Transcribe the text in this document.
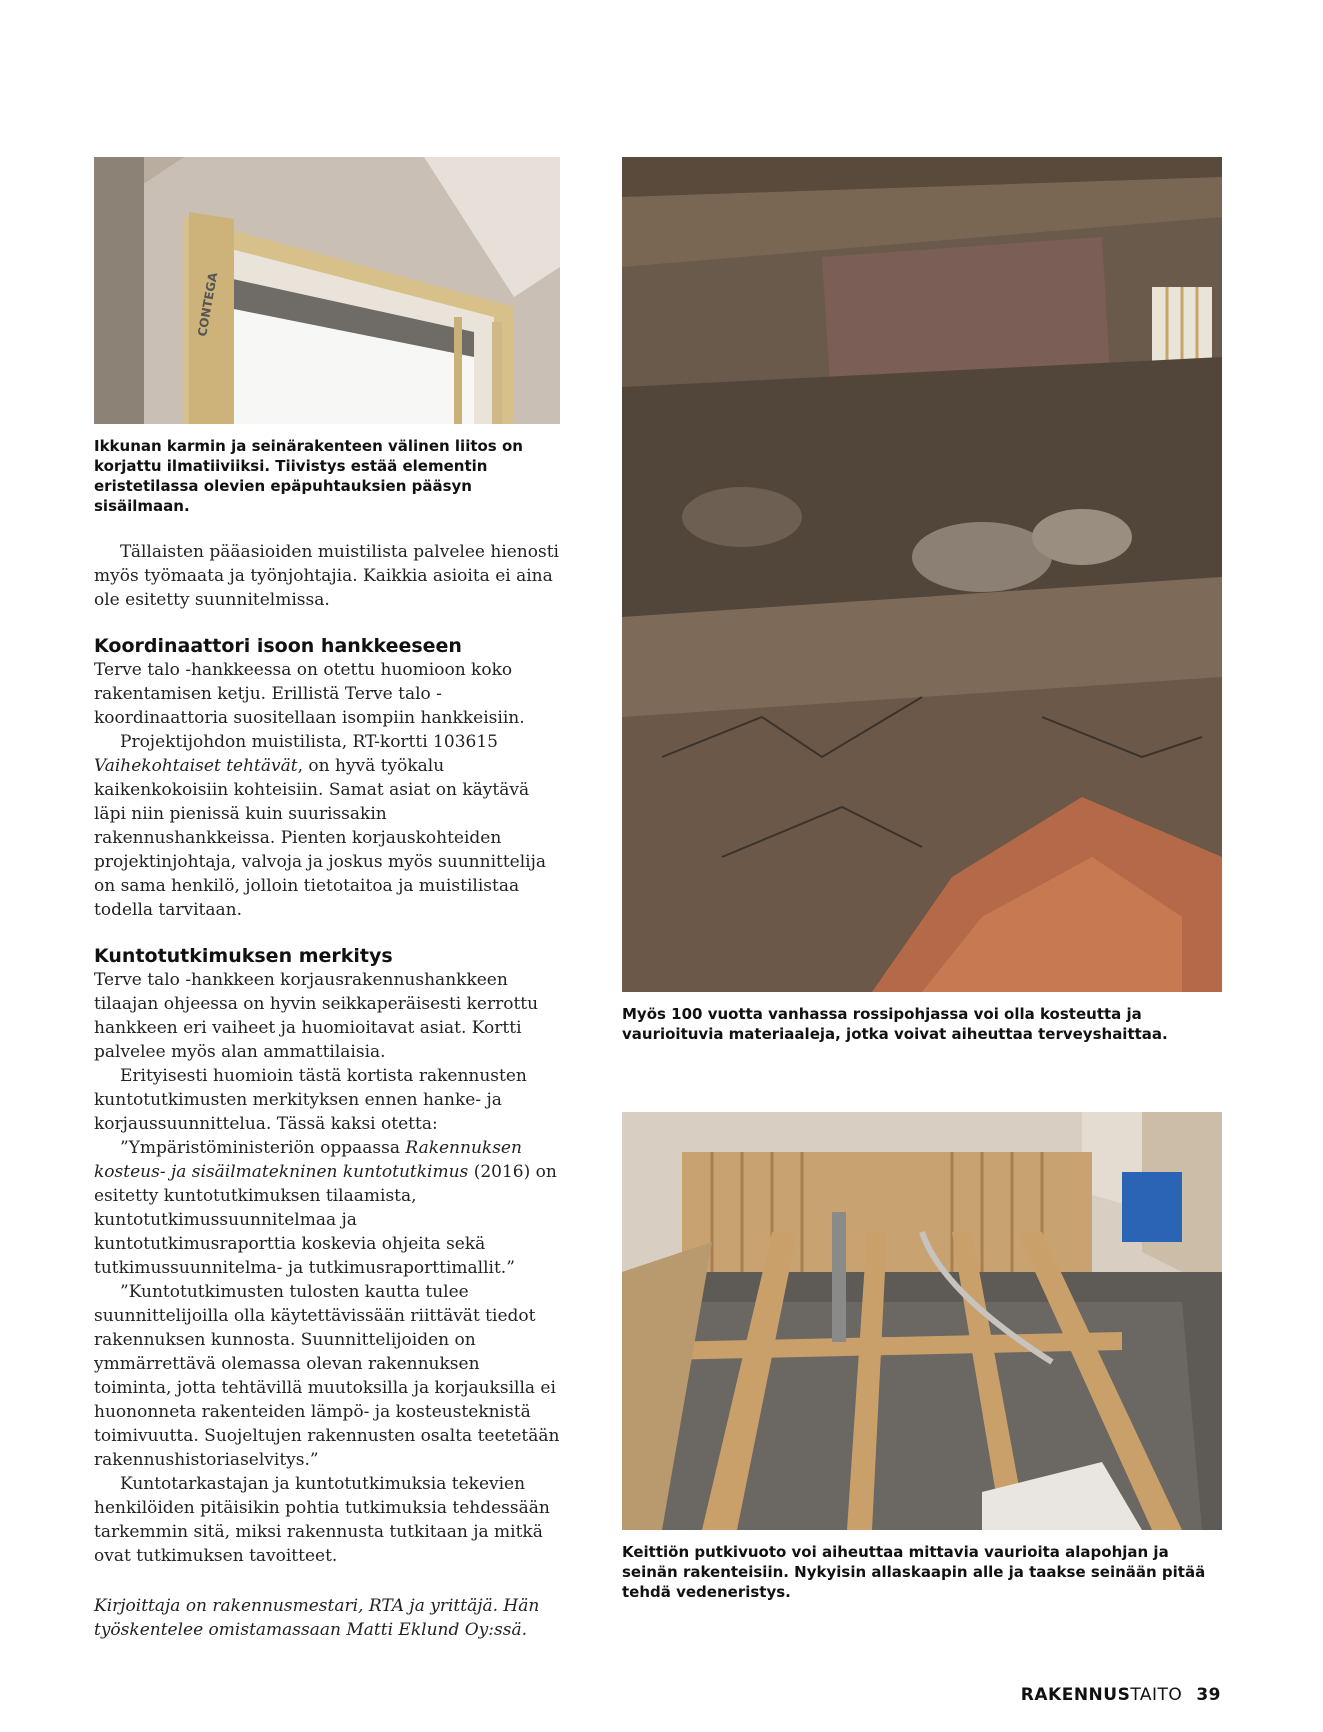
CONTEGA
Ikkunan karmin ja seinärakenteen välinen liitos on korjattu ilmatiiviiksi. Tiivistys estää elementin eristetilassa olevien epäpuhtauksien pääsyn sisäilmaan.
Myös 100 vuotta vanhassa rossipohjassa voi olla kosteutta ja vaurioituvia materiaaleja, jotka voivat aiheuttaa terveyshaittaa.
Keittiön putkivuoto voi aiheuttaa mittavia vaurioita alapohjan ja seinän rakenteisiin. Nykyisin allaskaapin alle ja taakse seinään pitää tehdä vedeneristys.

Tällaisten pääasioiden muistilista palvelee hienosti myös työmaata ja työnjohtajia. Kaikkia asioita ei aina ole esitetty suunnitelmissa.

Koordinaattori isoon hankkeeseen

Terve talo -hankkeessa on otettu huomioon koko rakentamisen ketju. Erillistä Terve talo -koordinaattoria suositellaan isompiin hankkeisiin.

Projektijohdon muistilista, RT-kortti 103615 Vaihekohtaiset tehtävät, on hyvä työkalu kaikenkokoisiin kohteisiin. Samat asiat on käytävä läpi niin pienissä kuin suurissakin rakennushankkeissa. Pienten korjauskohteiden projektinjohtaja, valvoja ja joskus myös suunnittelija on sama henkilö, jolloin tietotaitoa ja muistilistaa todella tarvitaan.

Kuntotutkimuksen merkitys

Terve talo -hankkeen korjausrakennushankkeen tilaajan ohjeessa on hyvin seikkaperäisesti kerrottu hankkeen eri vaiheet ja huomioitavat asiat. Kortti palvelee myös alan ammattilaisia.

Erityisesti huomioin tästä kortista rakennusten kuntotutkimusten merkityksen ennen hanke- ja korjaussuunnittelua. Tässä kaksi otetta:

”Ympäristöministeriön oppaassa Rakennuksen kosteus- ja sisäilmatekninen kuntotutkimus (2016) on esitetty kuntotutkimuksen tilaamista, kuntotutkimussuunnitelmaa ja kuntotutkimusraporttia koskevia ohjeita sekä tutkimussuunnitelma- ja tutkimusraporttimallit.”

”Kuntotutkimusten tulosten kautta tulee suunnittelijoilla olla käytettävissään riittävät tiedot rakennuksen kunnosta. Suunnittelijoiden on ymmärrettävä olemassa olevan rakennuksen toiminta, jotta tehtävillä muutoksilla ja korjauksilla ei huononneta rakenteiden lämpö- ja kosteusteknistä toimivuutta. Suojeltujen rakennusten osalta teetetään rakennushistoriaselvitys.”

Kuntotarkastajan ja kuntotutkimuksia tekevien henkilöiden pitäisikin pohtia tutkimuksia tehdessään tarkemmin sitä, miksi rakennusta tutkitaan ja mitkä ovat tutkimuksen tavoitteet.

Kirjoittaja on rakennusmestari, RTA ja yrittäjä. Hän työskentelee omistamassaan Matti Eklund Oy:ssä.

RAKENNUSTAITO 39
